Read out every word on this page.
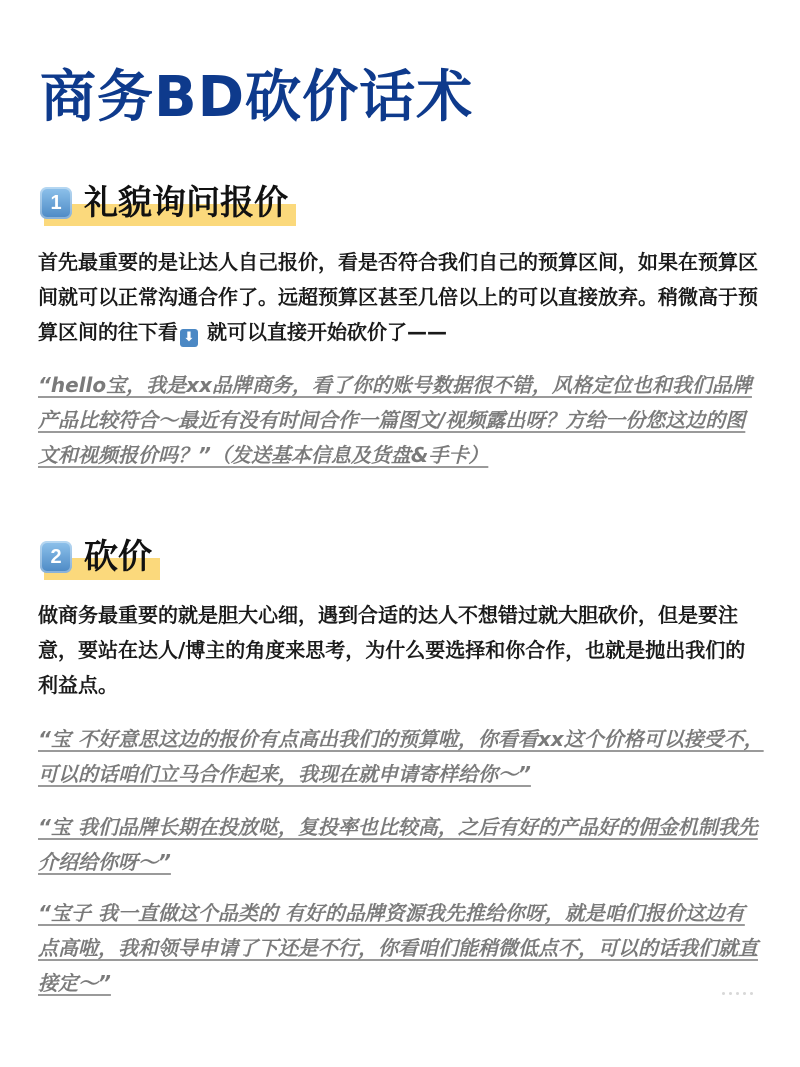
商务BD砍价话术
1 礼貌询问报价

首先最重要的是让达人自己报价，看是否符合我们自己的预算区间，如果在预算区间就可以正常沟通合作了。远超预算区甚至几倍以上的可以直接放弃。稍微高于预算区间的往下看 ⬇ 就可以直接开始砍价了——

“hello宝，我是xx品牌商务，看了你的账号数据很不错，风格定位也和我们品牌产品比较符合～最近有没有时间合作一篇图文/视频露出呀？方给一份您这边的图文和视频报价吗？”（发送基本信息及货盘&手卡）

2 砍价

做商务最重要的就是胆大心细，遇到合适的达人不想错过就大胆砍价，但是要注意，要站在达人/博主的角度来思考，为什么要选择和你合作，也就是抛出我们的利益点。

“宝 不好意思这边的报价有点高出我们的预算啦，你看看xx这个价格可以接受不，可以的话咱们立马合作起来，我现在就申请寄样给你～”

“宝 我们品牌长期在投放哒，复投率也比较高，之后有好的产品好的佣金机制我先介绍给你呀～”

“宝子 我一直做这个品类的 有好的品牌资源我先推给你呀，就是咱们报价这边有点高啦，我和领导申请了下还是不行，你看咱们能稍微低点不，可以的话我们就直接定～”
